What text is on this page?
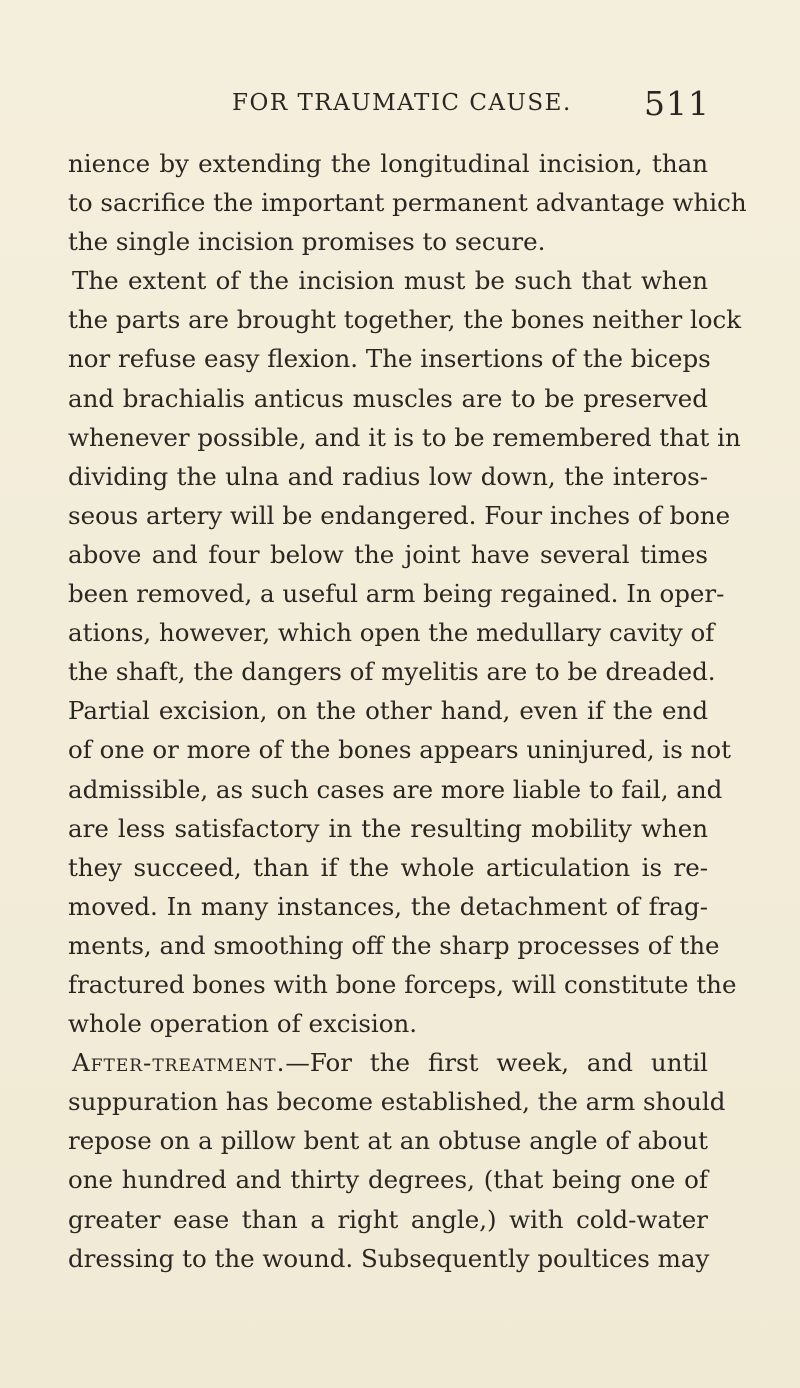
FOR TRAUMATIC CAUSE. 511
nience by extending the longitudinal incision, than
to sacrifice the important permanent advantage which
the single incision promises to secure.
The extent of the incision must be such that when
the parts are brought together, the bones neither lock
nor refuse easy flexion. The insertions of the biceps
and brachialis anticus muscles are to be preserved
whenever possible, and it is to be remembered that in
dividing the ulna and radius low down, the interos-
seous artery will be endangered. Four inches of bone
above and four below the joint have several times
been removed, a useful arm being regained. In oper-
ations, however, which open the medullary cavity of
the shaft, the dangers of myelitis are to be dreaded.
Partial excision, on the other hand, even if the end
of one or more of the bones appears uninjured, is not
admissible, as such cases are more liable to fail, and
are less satisfactory in the resulting mobility when
they succeed, than if the whole articulation is re-
moved. In many instances, the detachment of frag-
ments, and smoothing off the sharp processes of the
fractured bones with bone forceps, will constitute the
whole operation of excision.
After-treatment.—For the first week, and until
suppuration has become established, the arm should
repose on a pillow bent at an obtuse angle of about
one hundred and thirty degrees, (that being one of
greater ease than a right angle,) with cold-water
dressing to the wound. Subsequently poultices may
